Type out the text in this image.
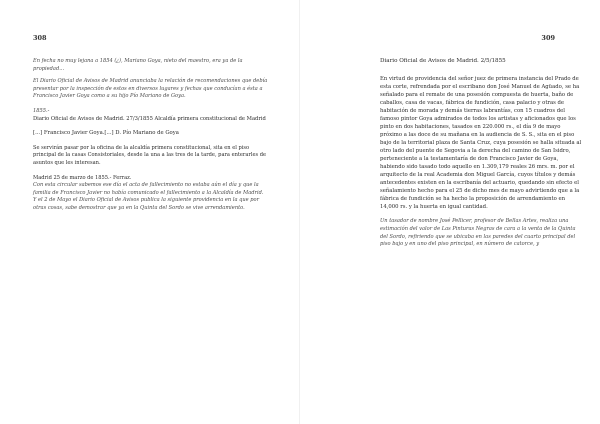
308

En fecha no muy lejana a 1854 (¿), Mariano Goya, nieto del maestro, era ya de la propiedad...

El Diario Oficial de Avisos de Madrid anunciaba la relación de recomendaciones que debía presentar por la inspección de estos en diversos lugares y fechas que conducían a ésta a Francisco Javier Goya como a su hijo Pío Mariano de Goya.

1855.-

Diario Oficial de Avisos de Madrid. 27/3/1855 Alcaldía primera constitucional de Madrid

[...] Francisco Javier Goya.[...] D. Pío Mariano de Goya

Se servirán pasar por la oficina de la alcaldía primera constitucional, sita en el piso principal de la casas Consistoriales, desde la una a las tres de la tarde, para enterarles de asuntos que les interesan.

Madrid 25 de marzo de 1855.- Ferraz.

Con esta circular sabemos ese día el acta de fallecimiento no estaba aún el día y que la familia de Francisco Javier no había comunicado el fallecimiento a la Alcaldía de Madrid.

Y el 2 de Mayo el Diario Oficial de Avisos publica la siguiente providencia en la que por otras cosas, sabe demostrar que ya en la Quinta del Sordo se vive arrendamiento.

309

Diario Oficial de Avisos de Madrid. 2/5/1855

En virtud de providencia del señor juez de primera instancia del Prado de esta corte, refrendada por el escribano don José Manuel de Agüado, se ha señalado para el remate de una posesión compuesta de huerta, baño de caballos, casa de vacas, fábrica de fundición, casa palacio y otras de habitación de morada y demás tierras labrantías, con 15 cuadros del famoso pintor Goya admirados de todos los artistas y aficionados que los pinto en dos habitaciones, tasados en 220.000 rs., el día 9 de mayo próximo a las doce de su mañana en la audiencia de S. S., sita en el piso bajo de la territorial plaza de Santa Cruz, cuya posesión se halla situada al otro lado del puente de Segovia a la derecha del camino de San Isidro, perteneciente a la testamentaría de don Francisco Javier de Goya, habiendo sido tasado todo aquello en 1.309,179 reales 26 mrs. m. por el arquitecto de la real Academia don Miguel García, cuyos títulos y demás antecedentes existen en la escribanía del actuario, quedando sin efecto el señalamiento hecho para el 25 de dicho mes de mayo advirtiendo que a la fábrica de fundición se ha hecho la proposición de arrendamiento en 14,000 rs. y la huerta en igual cantidad.

Un tasador de nombre José Pellicer, profesor de Bellas Artes, realiza una estimación del valor de Las Pinturas Negras de cara a la venta de la Quinta del Sordo, refiriendo que se ubicaba en las paredes del cuarto principal del piso bajo y en uno del piso principal, en número de catorce, y
